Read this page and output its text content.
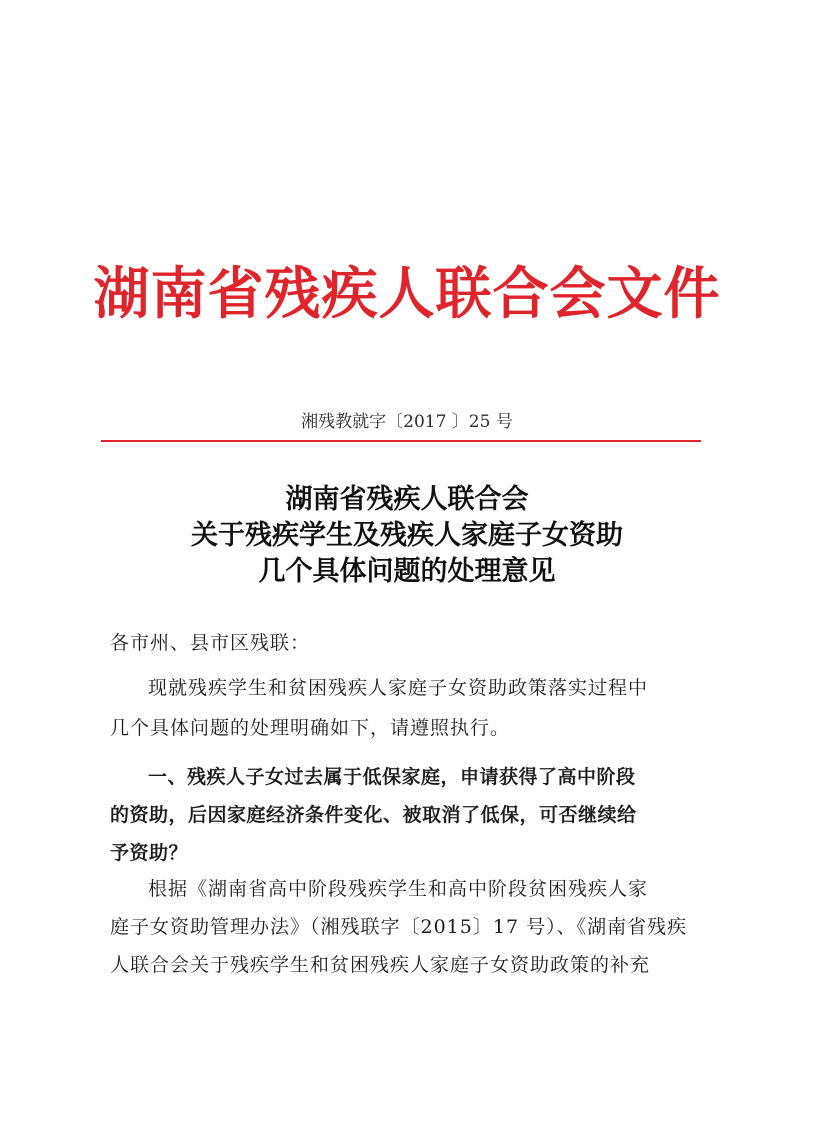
湖南省残疾人联合会文件
湘残教就字〔2017 〕25 号
湖南省残疾人联合会
关于残疾学生及残疾人家庭子女资助
几个具体问题的处理意见
各市州、县市区残联：
现就残疾学生和贫困残疾人家庭子女资助政策落实过程中
几个具体问题的处理明确如下，请遵照执行。
一、残疾人子女过去属于低保家庭，申请获得了高中阶段
的资助，后因家庭经济条件变化、被取消了低保，可否继续给
予资助？
根据《湖南省高中阶段残疾学生和高中阶段贫困残疾人家
庭子女资助管理办法》（湘残联字〔2015〕17 号）、《湖南省残疾
人联合会关于残疾学生和贫困残疾人家庭子女资助政策的补充
